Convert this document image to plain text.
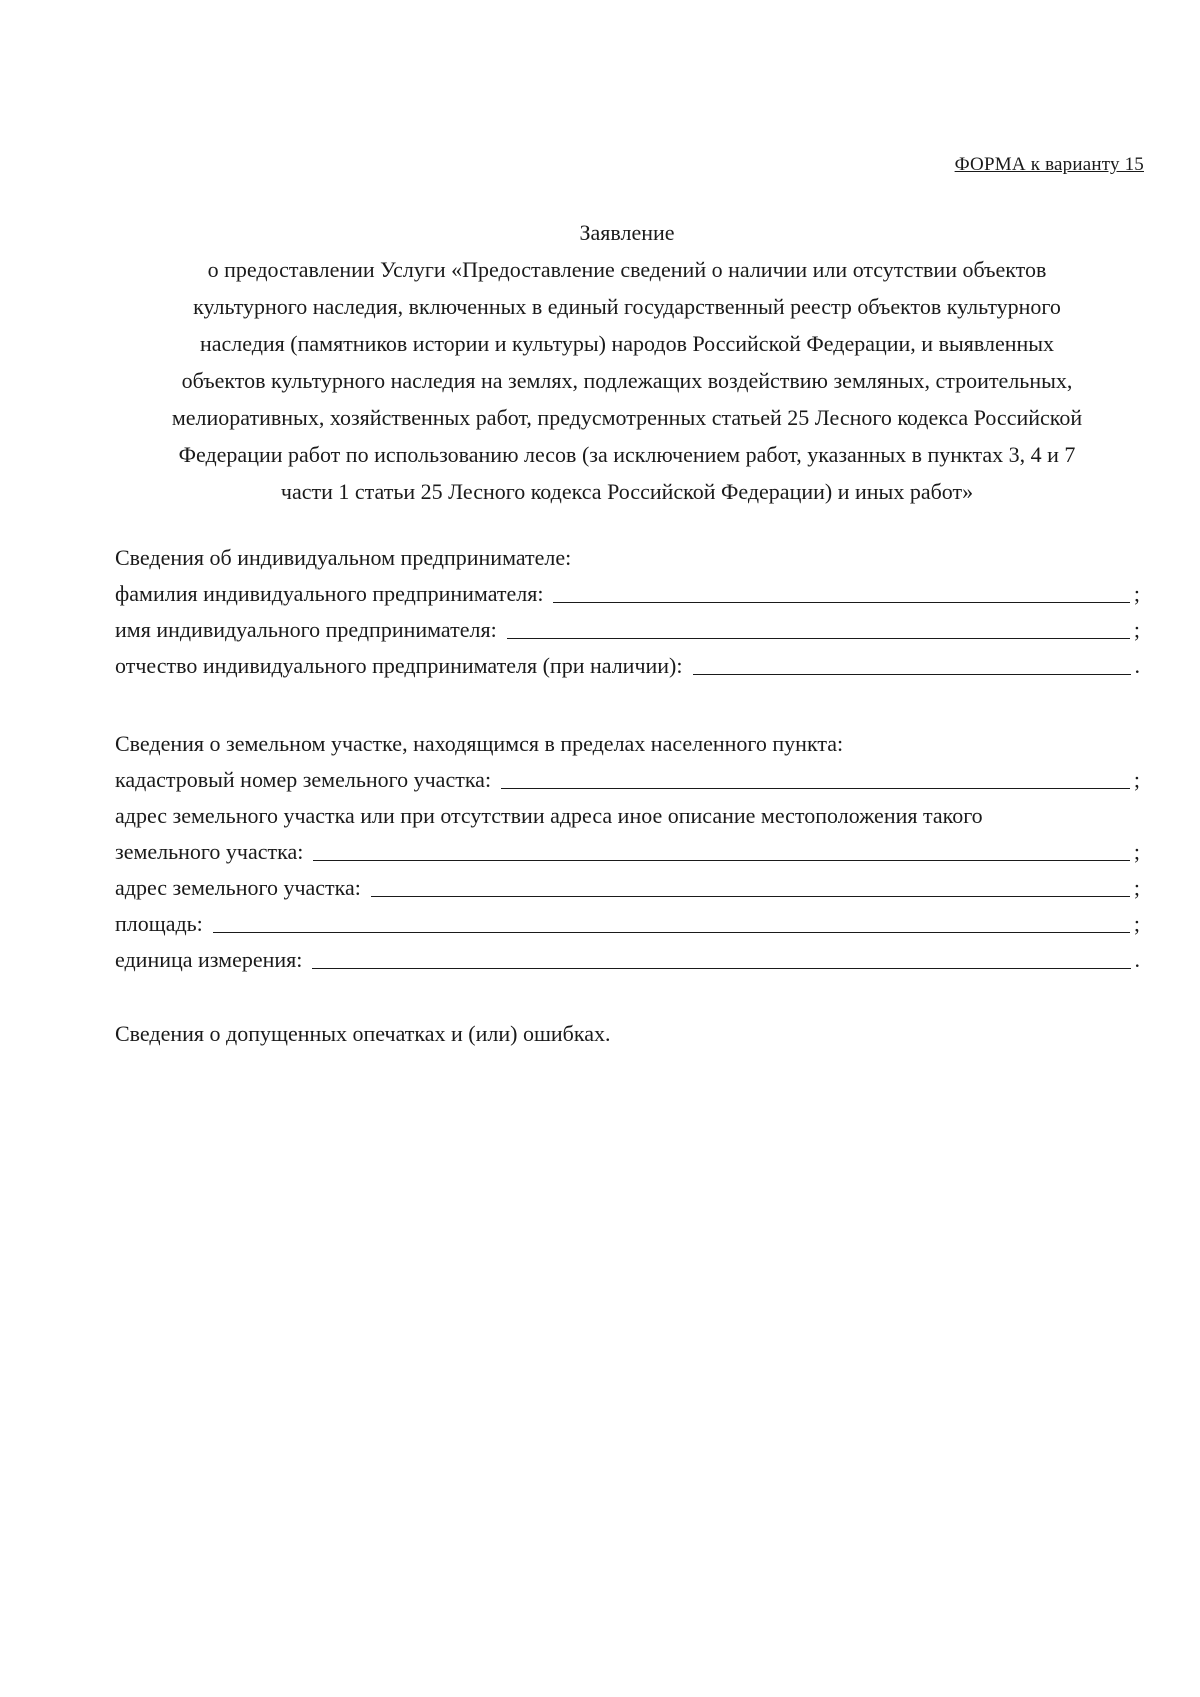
ФОРМА к варианту 15
Заявление
о предоставлении Услуги «Предоставление сведений о наличии или отсутствии объектов
культурного наследия, включенных в единый государственный реестр объектов культурного
наследия (памятников истории и культуры) народов Российской Федерации, и выявленных
объектов культурного наследия на землях, подлежащих воздействию земляных, строительных,
мелиоративных, хозяйственных работ, предусмотренных статьей 25 Лесного кодекса Российской
Федерации работ по использованию лесов (за исключением работ, указанных в пунктах 3, 4 и 7
части 1 статьи 25 Лесного кодекса Российской Федерации) и иных работ»
Сведения об индивидуальном предпринимателе:
фамилия индивидуального предпринимателя:	;
имя индивидуального предпринимателя:	;
отчество индивидуального предпринимателя (при наличии):	.
Сведения о земельном участке, находящимся в пределах населенного пункта:
кадастровый номер земельного участка:	;
адрес земельного участка или при отсутствии адреса иное описание местоположения такого
земельного участка:	;
адрес земельного участка:	;
площадь:	;
единица измерения:	.
Сведения о допущенных опечатках и (или) ошибках.
